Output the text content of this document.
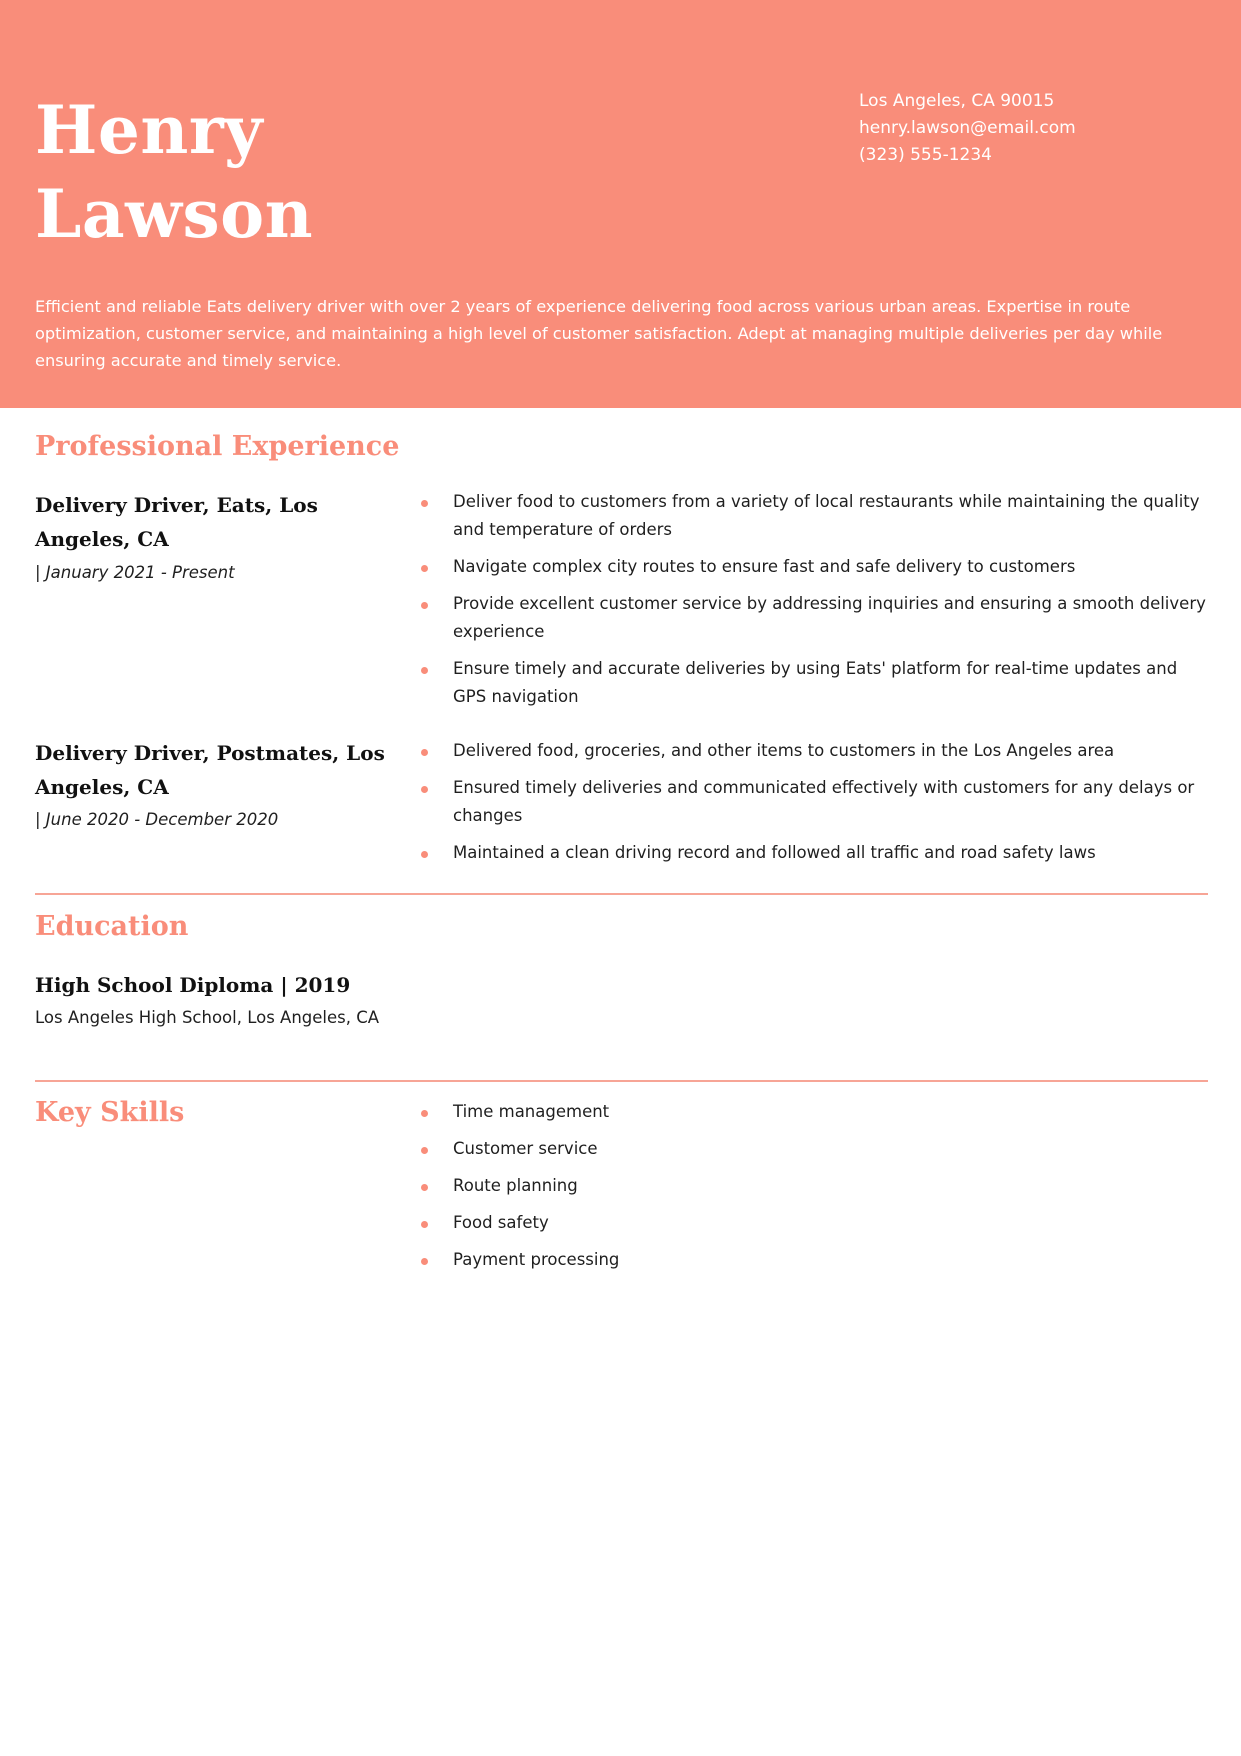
Henry
Lawson
Los Angeles, CA 90015
henry.lawson@email.com
(323) 555-1234

Efficient and reliable Eats delivery driver with over 2 years of experience delivering food across various urban areas. Expertise in route optimization, customer service, and maintaining a high level of customer satisfaction. Adept at managing multiple deliveries per day while ensuring accurate and timely service.

Professional Experience
Delivery Driver, Eats, Los Angeles, CA

| January 2021 - Present

Deliver food to customers from a variety of local restaurants while maintaining the quality and temperature of orders
Navigate complex city routes to ensure fast and safe delivery to customers
Provide excellent customer service by addressing inquiries and ensuring a smooth delivery experience
Ensure timely and accurate deliveries by using Eats' platform for real-time updates and GPS navigation
Delivery Driver, Postmates, Los Angeles, CA

| June 2020 - December 2020

Delivered food, groceries, and other items to customers in the Los Angeles area
Ensured timely deliveries and communicated effectively with customers for any delays or changes
Maintained a clean driving record and followed all traffic and road safety laws
Education
High School Diploma | 2019

Los Angeles High School, Los Angeles, CA

Key Skills	Time management
Customer service
Route planning
Food safety
Payment processing
